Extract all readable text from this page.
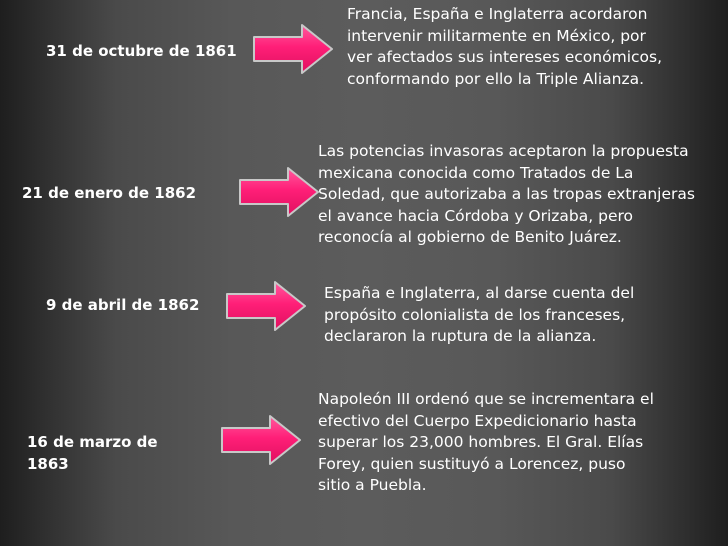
31 de octubre de 1861

Francia, España e Inglaterra acordaron intervenir militarmente en México, por ver afectados sus intereses económicos, conformando por ello la Triple Alianza.

21 de enero de 1862

Las potencias invasoras aceptaron la propuesta mexicana conocida como Tratados de La Soledad, que autorizaba a las tropas extranjeras el avance hacia Córdoba y Orizaba, pero reconocía al gobierno de Benito Juárez.

9 de abril de 1862

España e Inglaterra, al darse cuenta del propósito colonialista de los franceses, declararon la ruptura de la alianza.

16 de marzo de 1863

Napoleón III ordenó que se incrementara el efectivo del Cuerpo Expedicionario hasta superar los 23,000 hombres. El Gral. Elías Forey, quien sustituyó a Lorencez, puso sitio a Puebla.
